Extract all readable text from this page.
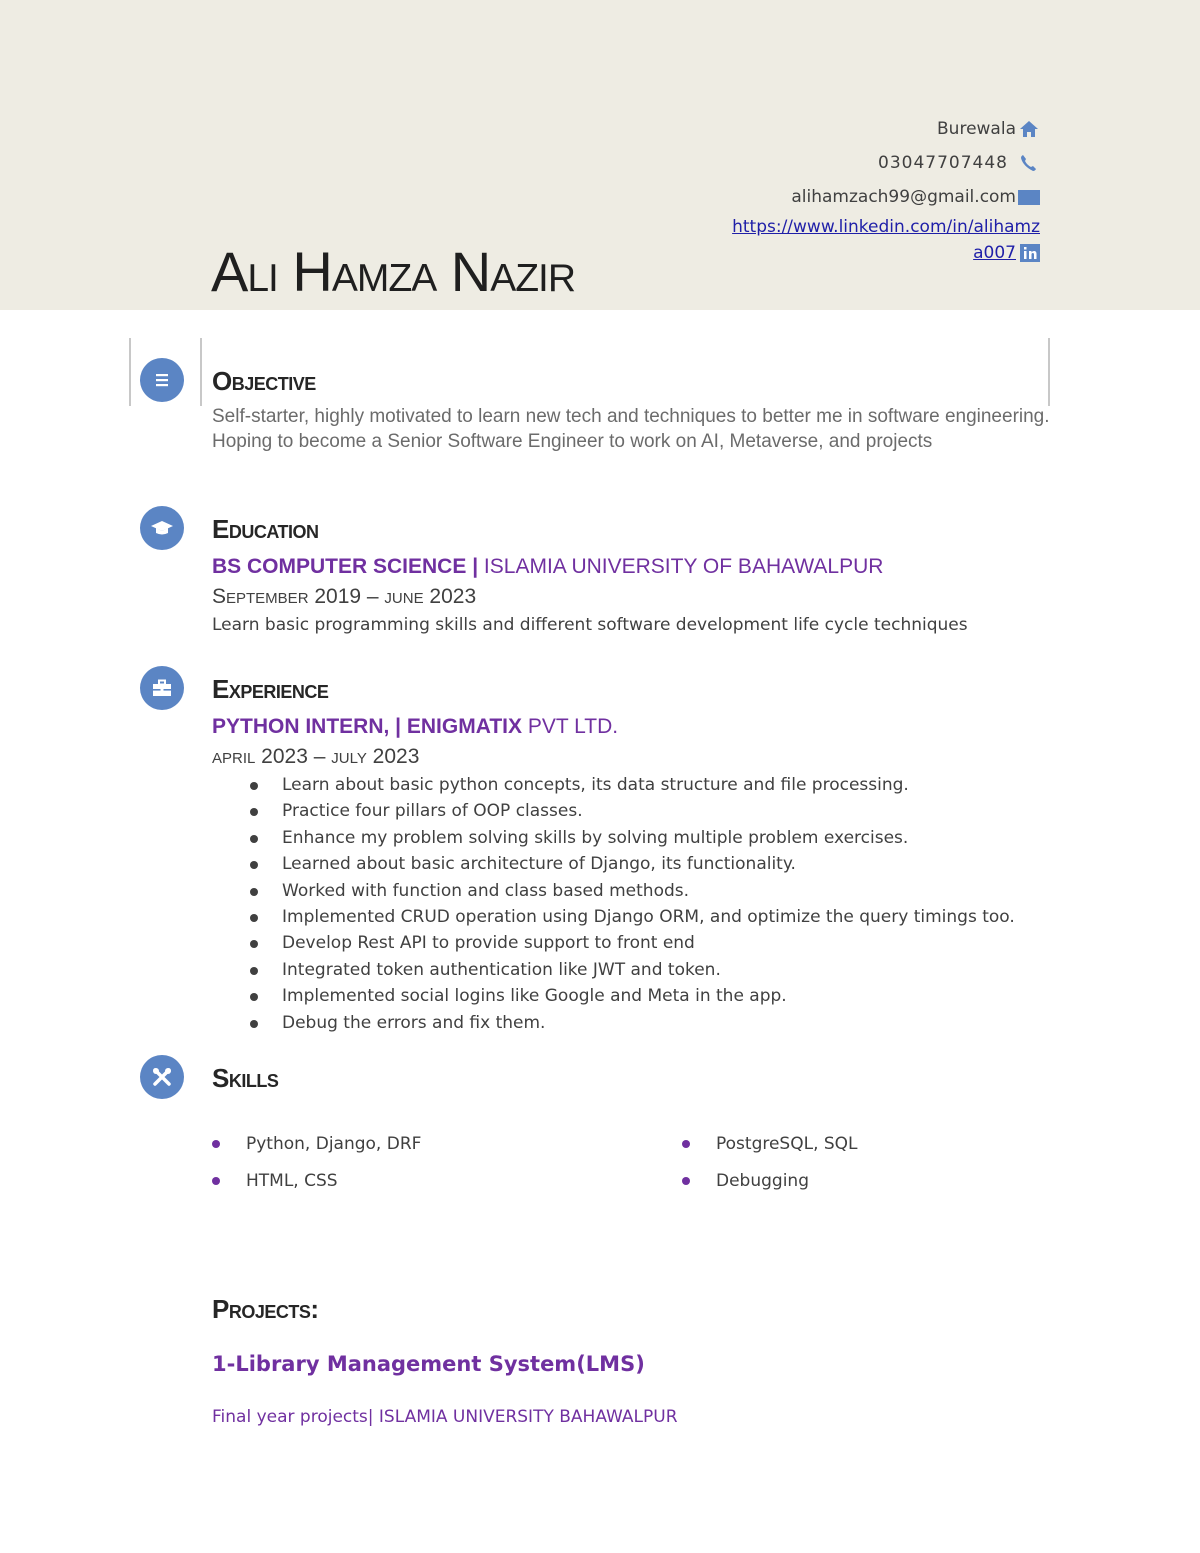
Ali Hamza Nazir
Burewala
03047707448
alihamzach99@gmail.com
https://www.linkedin.com/in/alihamz
a007
Objective

Self-starter, highly motivated to learn new tech and techniques to better me in software engineering. Hoping to become a Senior Software Engineer to work on AI, Metaverse, and projects

Education
BS COMPUTER SCIENCE | ISLAMIA UNIVERSITY OF BAHAWALPUR
September 2019 – june 2023
Learn basic programming skills and different software development life cycle techniques
Experience
PYTHON INTERN, | ENIGMATIX PVT LTD.
april 2023 – july 2023
Learn about basic python concepts, its data structure and file processing.
Practice four pillars of OOP classes.
Enhance my problem solving skills by solving multiple problem exercises.
Learned about basic architecture of Django, its functionality.
Worked with function and class based methods.
Implemented CRUD operation using Django ORM, and optimize the query timings too.
Develop Rest API to provide support to front end
Integrated token authentication like JWT and token.
Implemented social logins like Google and Meta in the app.
Debug the errors and fix them.
Skills
Python, Django, DRF	PostgreSQL, SQL
HTML, CSS	Debugging
Projects:
1-Library Management System(LMS)
Final year projects| ISLAMIA UNIVERSITY BAHAWALPUR
